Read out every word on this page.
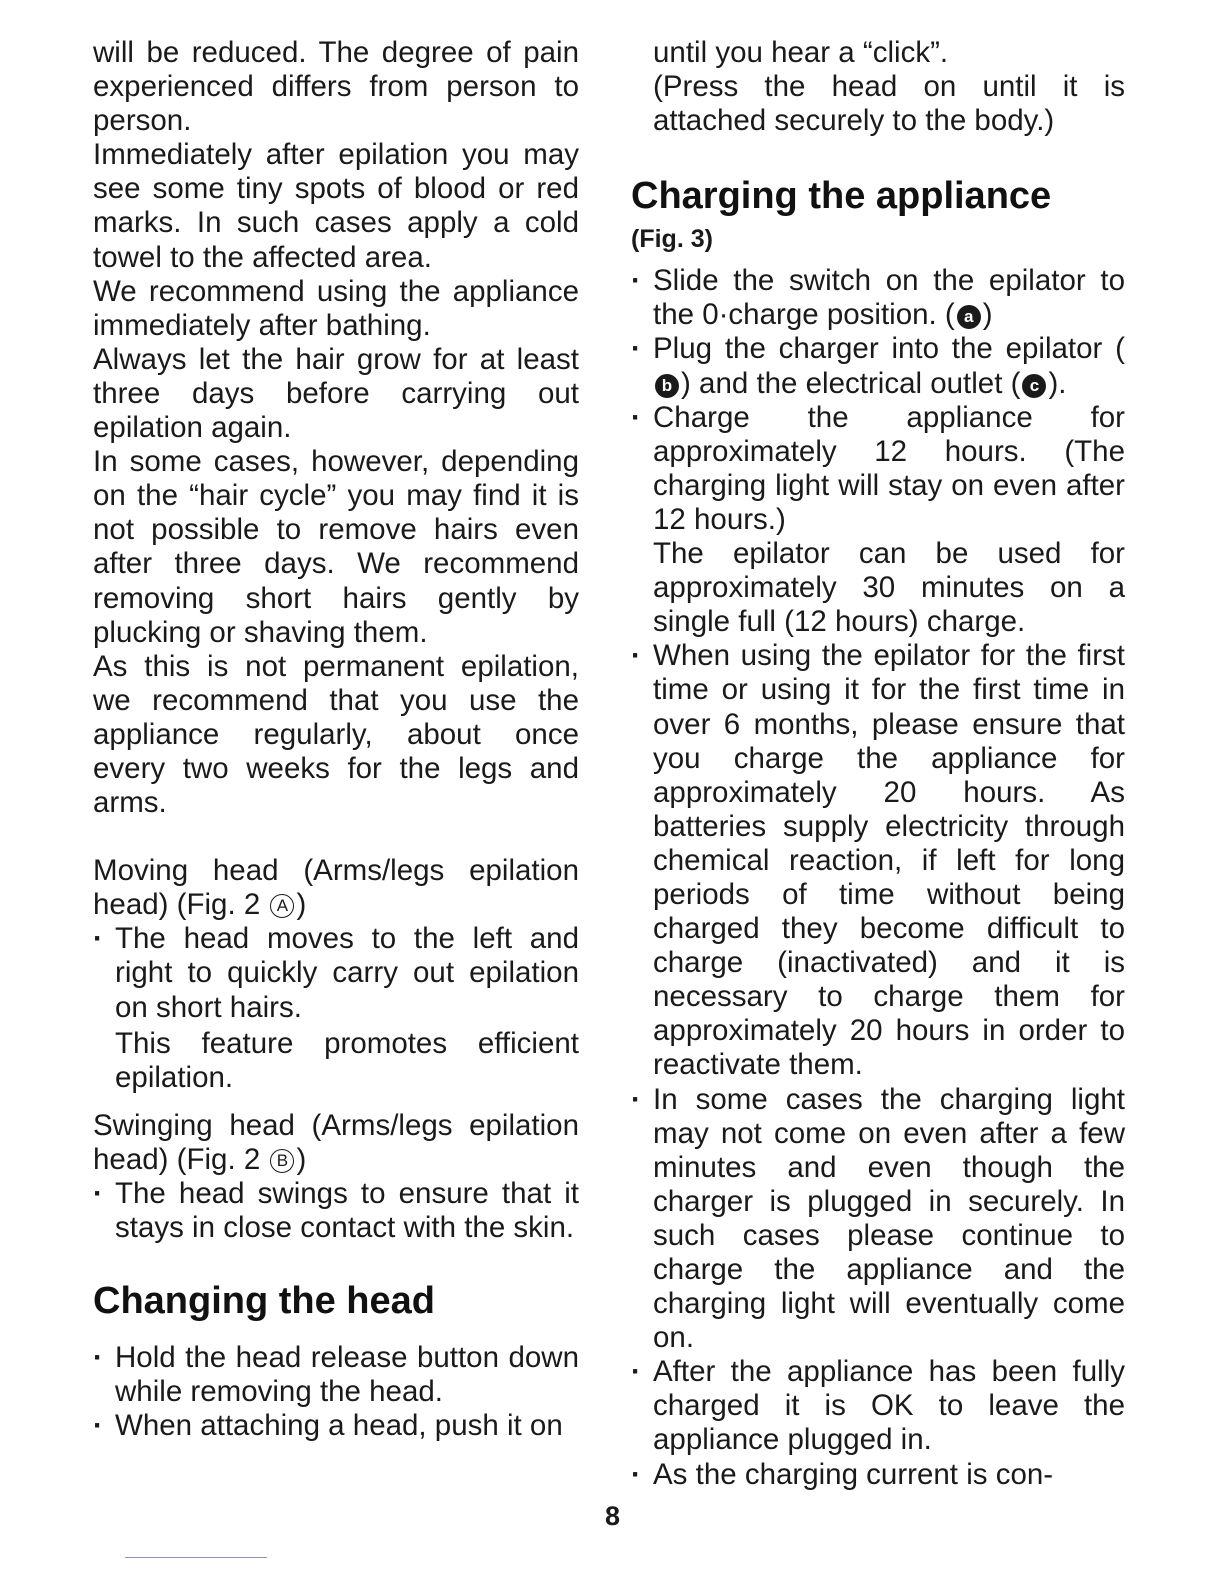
will be reduced. The degree of pain experienced differs from person to person.

Immediately after epilation you may see some tiny spots of blood or red marks. In such cases apply a cold towel to the affected area.

We recommend using the appliance immediately after bathing.

Always let the hair grow for at least three days before carrying out epilation again.

In some cases, however, depending on the “hair cycle” you may find it is not possible to remove hairs even after three days. We recommend removing short hairs gently by plucking or shaving them.

As this is not permanent epilation, we recommend that you use the appliance regularly, about once every two weeks for the legs and arms.

Moving head (Arms/legs epilation head) (Fig. 2 A )

· The head moves to the left and right to quickly carry out epilation on short hairs.

This feature promotes efficient epilation.

Swinging head (Arms/legs epilation head) (Fig. 2 B )

· The head swings to ensure that it stays in close contact with the skin.

Changing the head

· Hold the head release button down while removing the head.

· When attaching a head, push it on

until you hear a “click”.

(Press the head on until it is attached securely to the body.)

Charging the appliance

(Fig. 3)

· Slide the switch on the epilator to the 0·charge position. ( a )

· Plug the charger into the epilator (b ) and the electrical outlet ( c ).

· Charge the appliance for approximately 12 hours. (The charging light will stay on even after 12 hours.)

The epilator can be used for approximately 30 minutes on a single full (12 hours) charge.

· When using the epilator for the first time or using it for the first time in over 6 months, please ensure that you charge the appliance for approximately 20 hours. As batteries supply electricity through chemical reaction, if left for long periods of time without being charged they become difficult to charge (inactivated) and it is necessary to charge them for approximately 20 hours in order to reactivate them.

· In some cases the charging light may not come on even after a few minutes and even though the charger is plugged in securely. In such cases please continue to charge the appliance and the charging light will eventually come on.

· After the appliance has been fully charged it is OK to leave the appliance plugged in.

· As the charging current is con-

8
